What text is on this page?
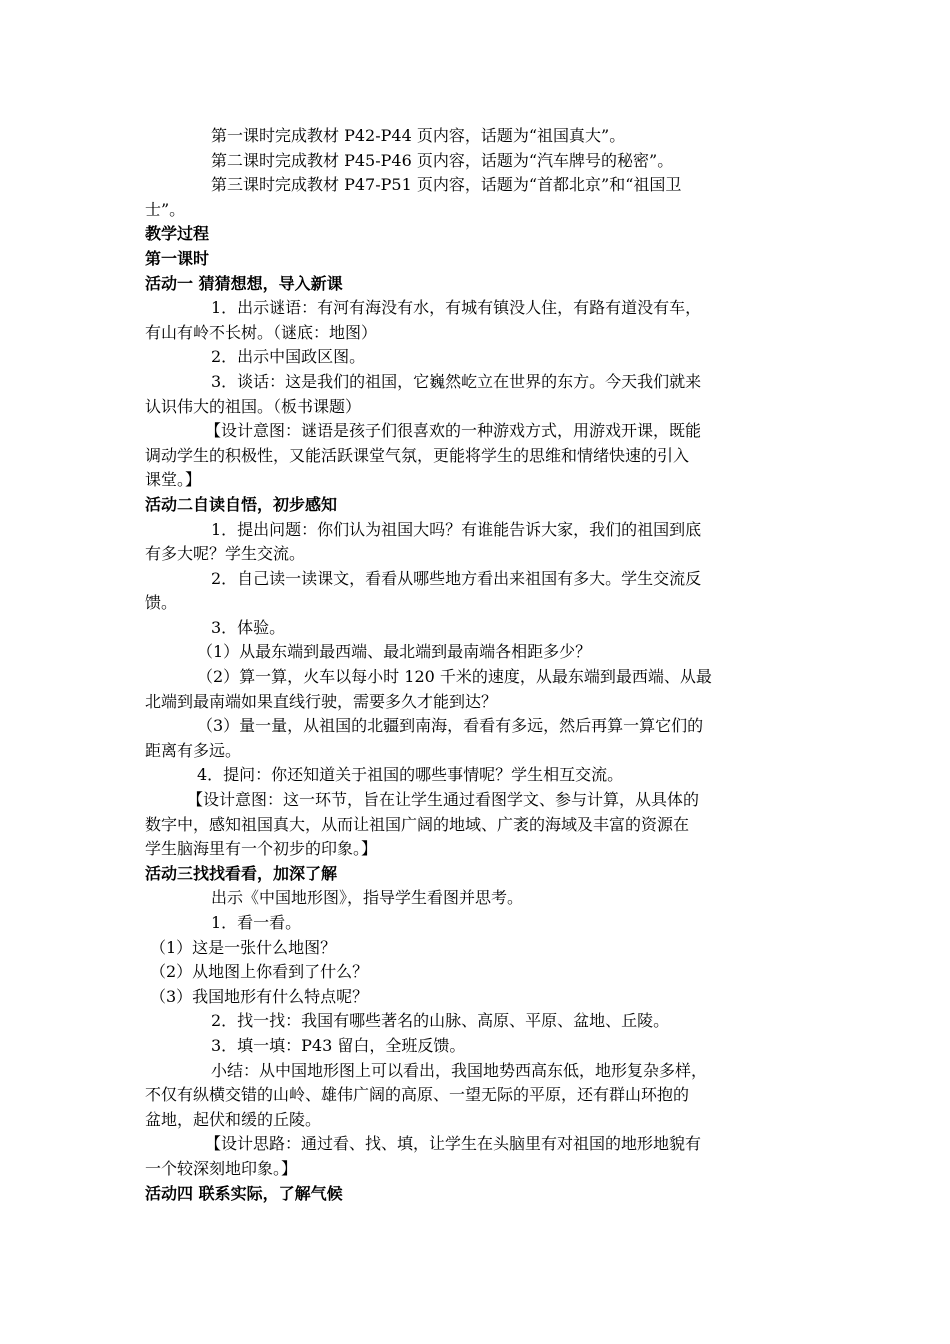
第一课时完成教材 P42-P44 页内容，话题为“祖国真大”。

第二课时完成教材 P45-P46 页内容，话题为“汽车牌号的秘密”。

第三课时完成教材 P47-P51 页内容，话题为“首都北京”和“祖国卫

士”。

教学过程

第一课时

活动一 猜猜想想，导入新课

1．出示谜语：有河有海没有水，有城有镇没人住，有路有道没有车，

有山有岭不长树。（谜底：地图）

2．出示中国政区图。

3．谈话：这是我们的祖国，它巍然屹立在世界的东方。今天我们就来

认识伟大的祖国。（板书课题）

【设计意图：谜语是孩子们很喜欢的一种游戏方式，用游戏开课，既能

调动学生的积极性，又能活跃课堂气氛，更能将学生的思维和情绪快速的引入

课堂。】

活动二自读自悟，初步感知

1．提出问题：你们认为祖国大吗？有谁能告诉大家，我们的祖国到底

有多大呢？学生交流。

2．自己读一读课文，看看从哪些地方看出来祖国有多大。学生交流反

馈。

3．体验。

（1）从最东端到最西端、最北端到最南端各相距多少？

（2）算一算，火车以每小时 120 千米的速度，从最东端到最西端、从最

北端到最南端如果直线行驶，需要多久才能到达？

（3）量一量，从祖国的北疆到南海，看看有多远，然后再算一算它们的

距离有多远。

4．提问：你还知道关于祖国的哪些事情呢？学生相互交流。

【设计意图：这一环节，旨在让学生通过看图学文、参与计算，从具体的

数字中，感知祖国真大，从而让祖国广阔的地域、广袤的海域及丰富的资源在

学生脑海里有一个初步的印象。】

活动三找找看看，加深了解

出示《中国地形图》，指导学生看图并思考。

1．看一看。

（1）这是一张什么地图？

（2）从地图上你看到了什么？

（3）我国地形有什么特点呢？

2．找一找：我国有哪些著名的山脉、高原、平原、盆地、丘陵。

3．填一填：P43 留白，全班反馈。

小结：从中国地形图上可以看出，我国地势西高东低，地形复杂多样，

不仅有纵横交错的山岭、雄伟广阔的高原、一望无际的平原，还有群山环抱的

盆地，起伏和缓的丘陵。

【设计思路：通过看、找、填，让学生在头脑里有对祖国的地形地貌有

一个较深刻地印象。】

活动四 联系实际，了解气候
